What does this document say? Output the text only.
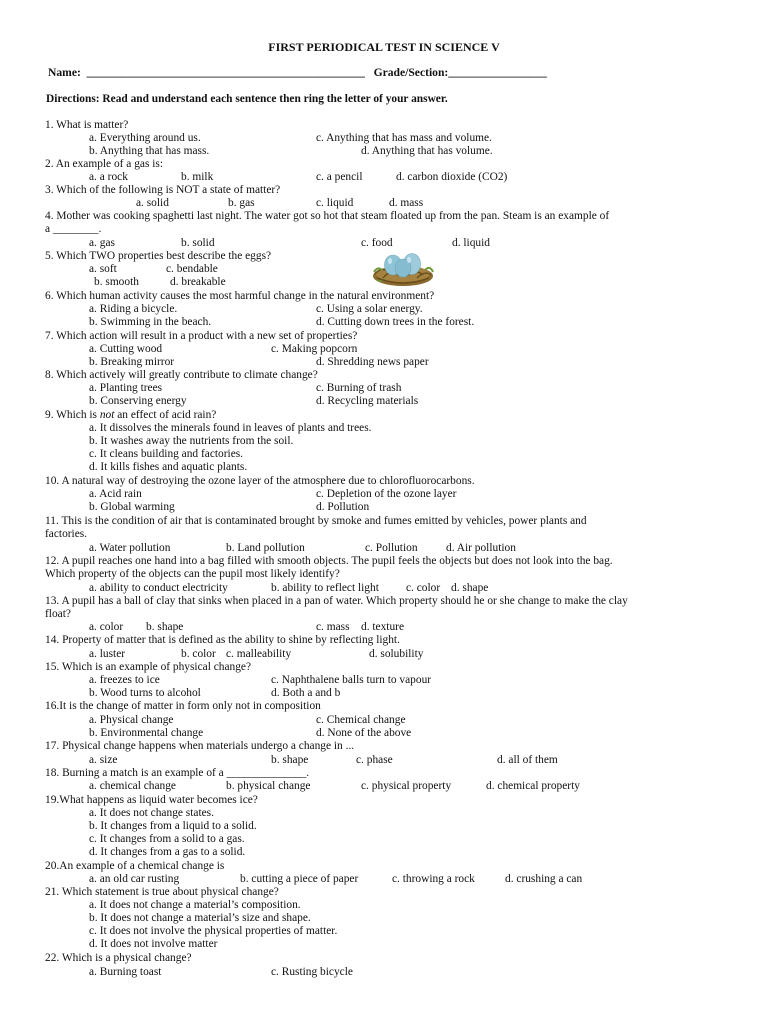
FIRST PERIODICAL TEST IN SCIENCE V
Name:  ________________________________________________   Grade/Section:_________________
Directions: Read and understand each sentence then ring the letter of your answer.
1. What is matter?
a. Everything around us.	c. Anything that has mass and volume.
b. Anything that has mass.	d. Anything that has volume.
2. An example of a gas is:
a. a rock	b. milk	c. a pencil	d. carbon dioxide (CO2)
3. Which of the following is NOT a state of matter?
a. solid	b. gas	c. liquid	d. mass
4. Mother was cooking spaghetti last night. The water got so hot that steam floated up from the pan. Steam is an example of
a ________.
a. gas	b. solid	c. food	d. liquid
5. Which TWO properties best describe the eggs?
a. soft	c. bendable
b. smooth	d. breakable
6. Which human activity causes the most harmful change in the natural environment?
a. Riding a bicycle.	c. Using a solar energy.
b. Swimming in the beach.	d. Cutting down trees in the forest.
7. Which action will result in a product with a new set of properties?
a. Cutting wood	c. Making popcorn
b. Breaking mirror	d. Shredding news paper
8. Which actively will greatly contribute to climate change?
a. Planting trees	c. Burning of trash
b. Conserving energy	d. Recycling materials
9. Which is not an effect of acid rain?
a. It dissolves the minerals found in leaves of plants and trees.
b. It washes away the nutrients from the soil.
c. It cleans building and factories.
d. It kills fishes and aquatic plants.
10. A natural way of destroying the ozone layer of the atmosphere due to chlorofluorocarbons.
a. Acid rain	c. Depletion of the ozone layer
b. Global warming	d. Pollution
11. This is the condition of air that is contaminated brought by smoke and fumes emitted by vehicles, power plants and
factories.
a. Water pollution	b. Land pollution	c. Pollution d. Air pollution
12. A pupil reaches one hand into a bag filled with smooth objects. The pupil feels the objects but does not look into the bag.
Which property of the objects can the pupil most likely identify?
a. ability to conduct electricity	b. ability to reflect light c. color d. shape
13. A pupil has a ball of clay that sinks when placed in a pan of water. Which property should he or she change to make the clay
float?
a. color b. shape	c. mass d. texture
14. Property of matter that is defined as the ability to shine by reflecting light.
a. luster	b. color c. malleability	d. solubility
15. Which is an example of physical change?
a. freezes to ice	c. Naphthalene balls turn to vapour
b. Wood turns to alcohol	d. Both a and b
16.It is the change of matter in form only not in composition
a. Physical change	c. Chemical change
b. Environmental change	d. None of the above
17. Physical change happens when materials undergo a change in ...
a. size	b. shape	c. phase	d. all of them
18. Burning a match is an example of a ______________.
a. chemical change	b. physical change	c. physical property	d. chemical property
19.What happens as liquid water becomes ice?
a. It does not change states.
b. It changes from a liquid to a solid.
c. It changes from a solid to a gas.
d. It changes from a gas to a solid.
20.An example of a chemical change is
a. an old car rusting	b. cutting a piece of paper	c. throwing a rock	d. crushing a can
21. Which statement is true about physical change?
a. It does not change a material’s composition.
b. It does not change a material’s size and shape.
c. It does not involve the physical properties of matter.
d. It does not involve matter
22. Which is a physical change?
a. Burning toast	c. Rusting bicycle
